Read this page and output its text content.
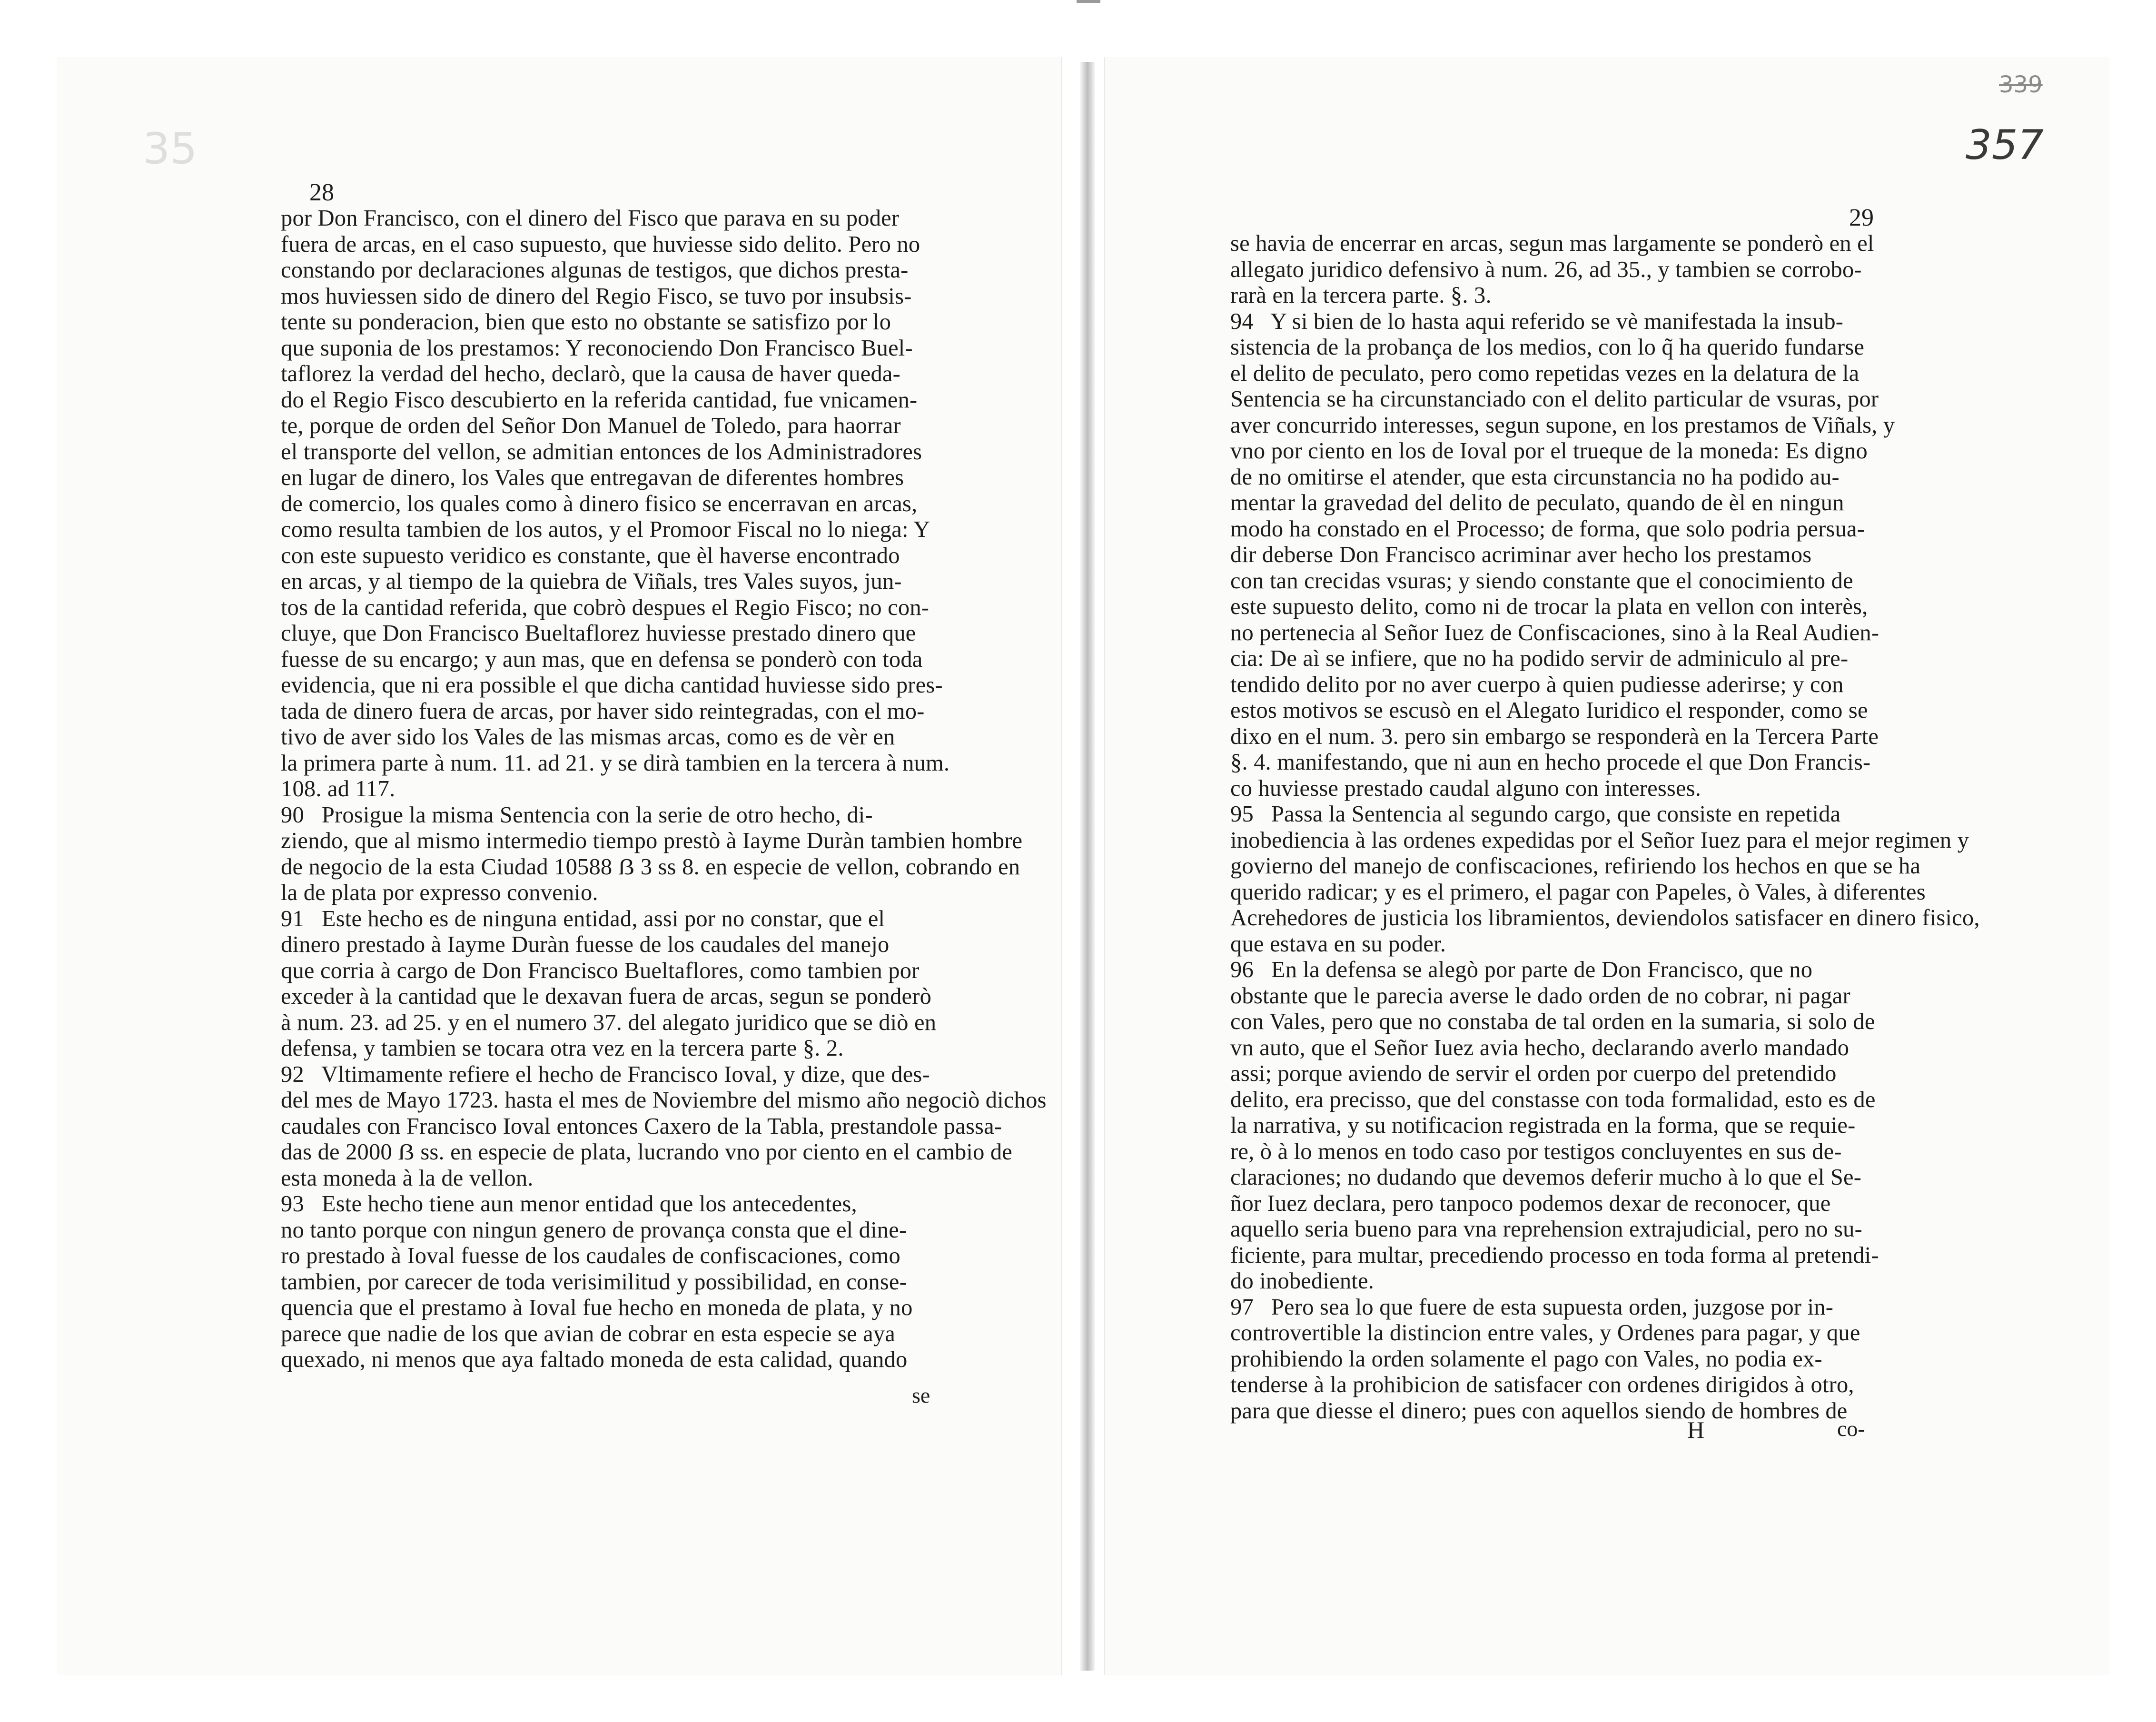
35
28
por Don Francisco, con el dinero del Fisco que parava en su poder
fuera de arcas, en el caso supuesto, que huviesse sido delito. Pero no
constando por declaraciones algunas de testigos, que dichos presta-
mos huviessen sido de dinero del Regio Fisco, se tuvo por insubsis-
tente su ponderacion, bien que esto no obstante se satisfizo por lo
que suponia de los prestamos: Y reconociendo Don Francisco Buel-
taflorez la verdad del hecho, declarò, que la causa de haver queda-
do el Regio Fisco descubierto en la referida cantidad, fue vnicamen-
te, porque de orden del Señor Don Manuel de Toledo, para haorrar
el transporte del vellon, se admitian entonces de los Administradores
en lugar de dinero, los Vales que entregavan de diferentes hombres
de comercio, los quales como à dinero fisico se encerravan en arcas,
como resulta tambien de los autos, y el Promoor Fiscal no lo niega: Y
con este supuesto veridico es constante, que èl haverse encontrado
en arcas, y al tiempo de la quiebra de Viñals, tres Vales suyos, jun-
tos de la cantidad referida, que cobrò despues el Regio Fisco; no con-
cluye, que Don Francisco Bueltaflorez huviesse prestado dinero que
fuesse de su encargo; y aun mas, que en defensa se ponderò con toda
evidencia, que ni era possible el que dicha cantidad huviesse sido pres-
tada de dinero fuera de arcas, por haver sido reintegradas, con el mo-
tivo de aver sido los Vales de las mismas arcas, como es de vèr en
la primera parte à num. 11. ad 21. y se dirà tambien en la tercera à num.
108. ad 117.
90   Prosigue la misma Sentencia con la serie de otro hecho, di-
ziendo, que al mismo intermedio tiempo prestò à Iayme Duràn tambien hombre
de negocio de la esta Ciudad 10588 ẞ 3 ss 8. en especie de vellon, cobrando en
la de plata por expresso convenio.
91   Este hecho es de ninguna entidad, assi por no constar, que el
dinero prestado à Iayme Duràn fuesse de los caudales del manejo
que corria à cargo de Don Francisco Bueltaflores, como tambien por
exceder à la cantidad que le dexavan fuera de arcas, segun se ponderò
à num. 23. ad 25. y en el numero 37. del alegato juridico que se diò en
defensa, y tambien se tocara otra vez en la tercera parte §. 2.
92   Vltimamente refiere el hecho de Francisco Ioval, y dize, que des-
del mes de Mayo 1723. hasta el mes de Noviembre del mismo año negociò dichos
caudales con Francisco Ioval entonces Caxero de la Tabla, prestandole passa-
das de 2000 ẞ ss. en especie de plata, lucrando vno por ciento en el cambio de
esta moneda à la de vellon.
93   Este hecho tiene aun menor entidad que los antecedentes,
no tanto porque con ningun genero de provança consta que el dine-
ro prestado à Ioval fuesse de los caudales de confiscaciones, como
tambien, por carecer de toda verisimilitud y possibilidad, en conse-
quencia que el prestamo à Ioval fue hecho en moneda de plata, y no
parece que nadie de los que avian de cobrar en esta especie se aya
quexado, ni menos que aya faltado moneda de esta calidad, quando
se
339
357
29
se havia de encerrar en arcas, segun mas largamente se ponderò en el
allegato juridico defensivo à num. 26, ad 35., y tambien se corrobo-
rarà en la tercera parte. §. 3.
94   Y si bien de lo hasta aqui referido se vè manifestada la insub-
sistencia de la probança de los medios, con lo q̃ ha querido fundarse
el delito de peculato, pero como repetidas vezes en la delatura de la
Sentencia se ha circunstanciado con el delito particular de vsuras, por
aver concurrido interesses, segun supone, en los prestamos de Viñals, y
vno por ciento en los de Ioval por el trueque de la moneda: Es digno
de no omitirse el atender, que esta circunstancia no ha podido au-
mentar la gravedad del delito de peculato, quando de èl en ningun
modo ha constado en el Processo; de forma, que solo podria persua-
dir deberse Don Francisco acriminar aver hecho los prestamos
con tan crecidas vsuras; y siendo constante que el conocimiento de
este supuesto delito, como ni de trocar la plata en vellon con interès,
no pertenecia al Señor Iuez de Confiscaciones, sino à la Real Audien-
cia: De aì se infiere, que no ha podido servir de adminiculo al pre-
tendido delito por no aver cuerpo à quien pudiesse aderirse; y con
estos motivos se escusò en el Alegato Iuridico el responder, como se
dixo en el num. 3. pero sin embargo se responderà en la Tercera Parte
§. 4. manifestando, que ni aun en hecho procede el que Don Francis-
co huviesse prestado caudal alguno con interesses.
95   Passa la Sentencia al segundo cargo, que consiste en repetida
inobediencia à las ordenes expedidas por el Señor Iuez para el mejor regimen y
govierno del manejo de confiscaciones, refiriendo los hechos en que se ha
querido radicar; y es el primero, el pagar con Papeles, ò Vales, à diferentes
Acrehedores de justicia los libramientos, deviendolos satisfacer en dinero fisico,
que estava en su poder.
96   En la defensa se alegò por parte de Don Francisco, que no
obstante que le parecia averse le dado orden de no cobrar, ni pagar
con Vales, pero que no constaba de tal orden en la sumaria, si solo de
vn auto, que el Señor Iuez avia hecho, declarando averlo mandado
assi; porque aviendo de servir el orden por cuerpo del pretendido
delito, era precisso, que del constasse con toda formalidad, esto es de
la narrativa, y su notificacion registrada en la forma, que se requie-
re, ò à lo menos en todo caso por testigos concluyentes en sus de-
claraciones; no dudando que devemos deferir mucho à lo que el Se-
ñor Iuez declara, pero tanpoco podemos dexar de reconocer, que
aquello seria bueno para vna reprehension extrajudicial, pero no su-
ficiente, para multar, precediendo processo en toda forma al pretendi-
do inobediente.
97   Pero sea lo que fuere de esta supuesta orden, juzgose por in-
controvertible la distincion entre vales, y Ordenes para pagar, y que
prohibiendo la orden solamente el pago con Vales, no podia ex-
tenderse à la prohibicion de satisfacer con ordenes dirigidos à otro,
para que diesse el dinero; pues con aquellos siendo de hombres de
H	co-
